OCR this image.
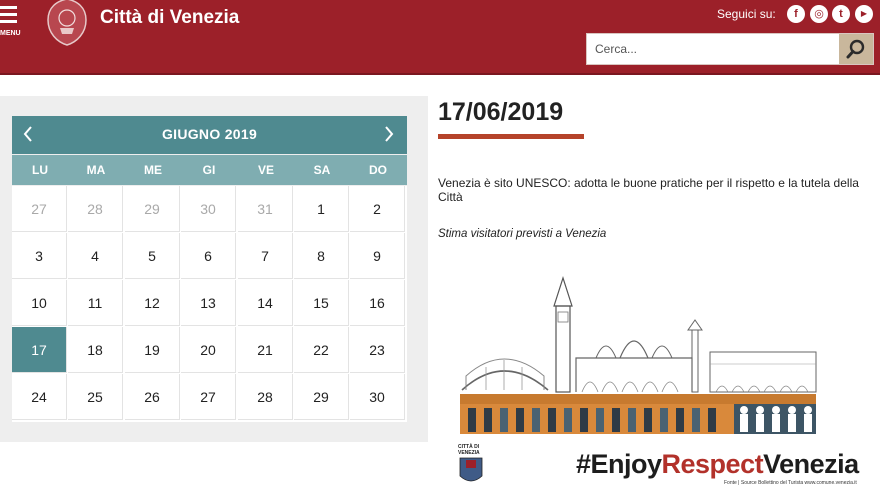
MENU
Città di Venezia	Seguici su:	f	◎	t	▶
Cerca...
GIUGNO 2019
LU	MA	ME	GI	VE	SA	DO
27	28	29	30	31	1	2
3	4	5	6	7	8	9
10	11	12	13	14	15	16
17	18	19	20	21	22	23
24	25	26	27	28	29	30
17/06/2019
Venezia è sito UNESCO: adotta le buone pratiche per il rispetto e la tutela della Città
Stima visitatori previsti a Venezia
CITTÀ DI
VENEZIA	#EnjoyRespectVenezia
Fonte | Source Bollettino del Turista www.comune.venezia.it
